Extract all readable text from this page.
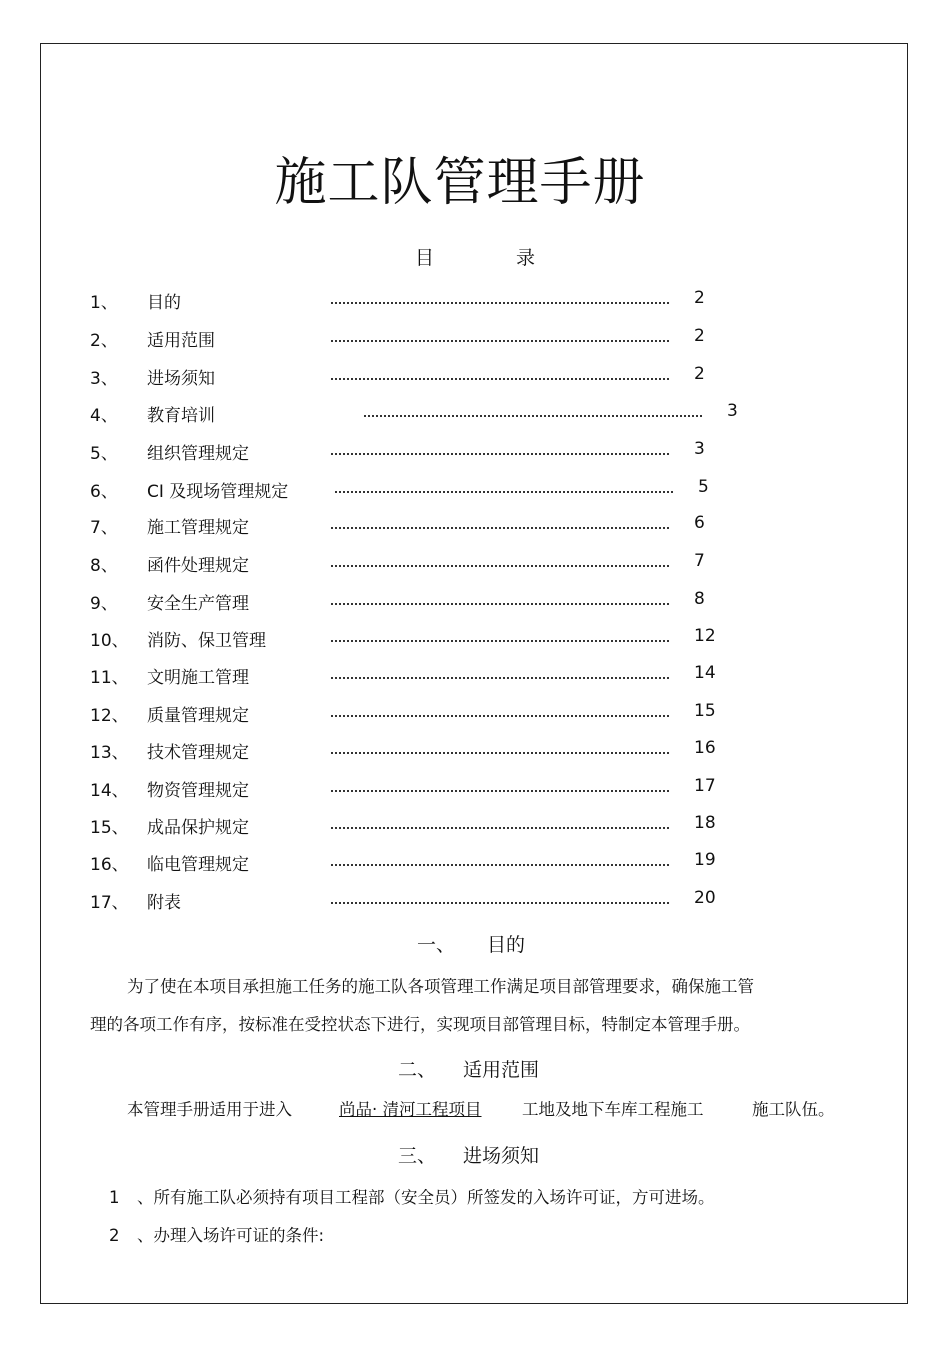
施工队管理手册
目	录
1、 目的	2
2、 适用范围	2
3、 进场须知	2
4、 教育培训	3
5、 组织管理规定	3
6、 CI 及现场管理规定	5
7、 施工管理规定	6
8、 函件处理规定	7
9、 安全生产管理	8
10、 消防、保卫管理	12
11、 文明施工管理	14
12、 质量管理规定	15
13、 技术管理规定	16
14、 物资管理规定	17
15、 成品保护规定	18
16、 临电管理规定	19
17、 附表	20
一、 目的
为了使在本项目承担施工任务的施工队各项管理工作满足项目部管理要求，确保施工管
理的各项工作有序，按标准在受控状态下进行，实现项目部管理目标，特制定本管理手册。
二、 适用范围
本管理手册适用于进入	尚品· 清河工程项目	工地及地下车库工程施工	施工队伍。
三、 进场须知
1 、所有施工队必须持有项目工程部（安全员）所签发的入场许可证，方可进场。
2 、办理入场许可证的条件:
